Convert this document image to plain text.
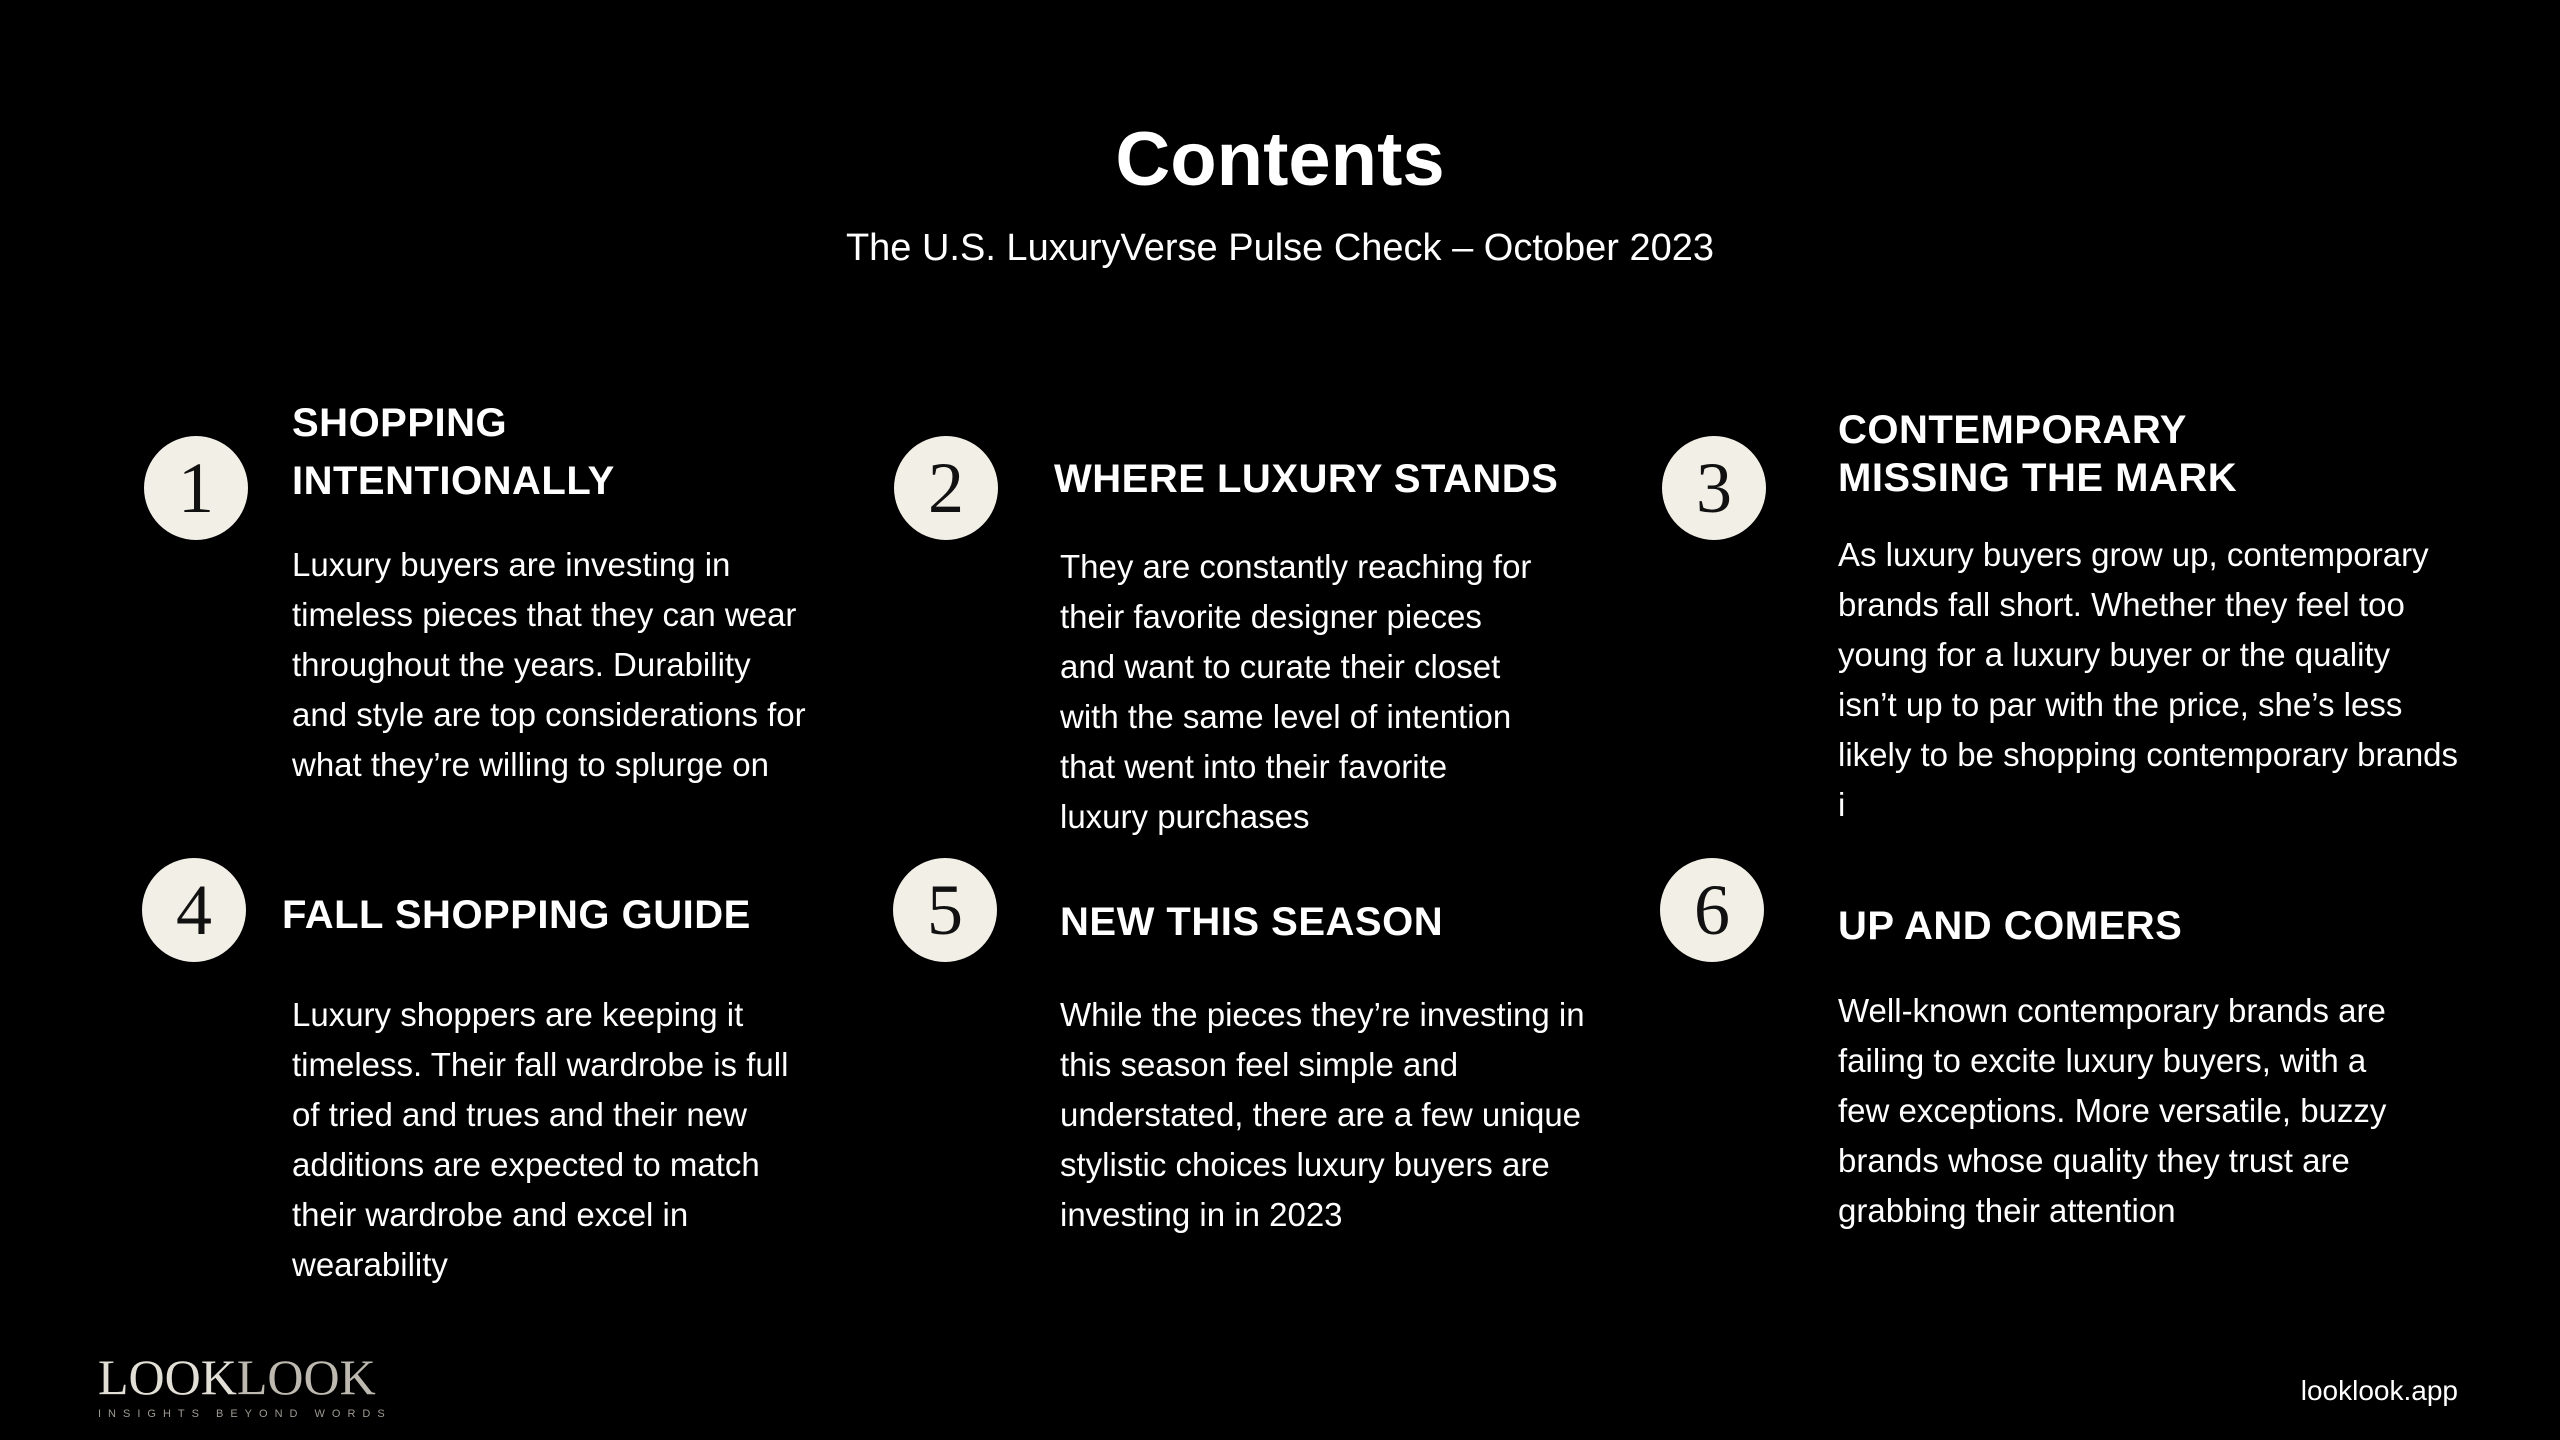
Contents
The U.S. LuxuryVerse Pulse Check – October 2023
1
SHOPPING
INTENTIONALLY
Luxury buyers are investing in
timeless pieces that they can wear
throughout the years. Durability
and style are top considerations for
what they’re willing to splurge on
2	WHERE LUXURY STANDS
They are constantly reaching for
their favorite designer pieces
and want to curate their closet
with the same level of intention
that went into their favorite
luxury purchases
3
CONTEMPORARY
MISSING THE MARK
As luxury buyers grow up, contemporary
brands fall short. Whether they feel too
young for a luxury buyer or the quality
isn’t up to par with the price, she’s less
likely to be shopping contemporary brands
i
4	FALL SHOPPING GUIDE
Luxury shoppers are keeping it
timeless. Their fall wardrobe is full
of tried and trues and their new
additions are expected to match
their wardrobe and excel in
wearability
5	NEW THIS SEASON
While the pieces they’re investing in
this season feel simple and
understated, there are a few unique
stylistic choices luxury buyers are
investing in in 2023
6	UP AND COMERS
Well-known contemporary brands are
failing to excite luxury buyers, with a
few exceptions. More versatile, buzzy
brands whose quality they trust are
grabbing their attention
LOOK LOOK
INSIGHTS BEYOND WORDS
looklook.app
